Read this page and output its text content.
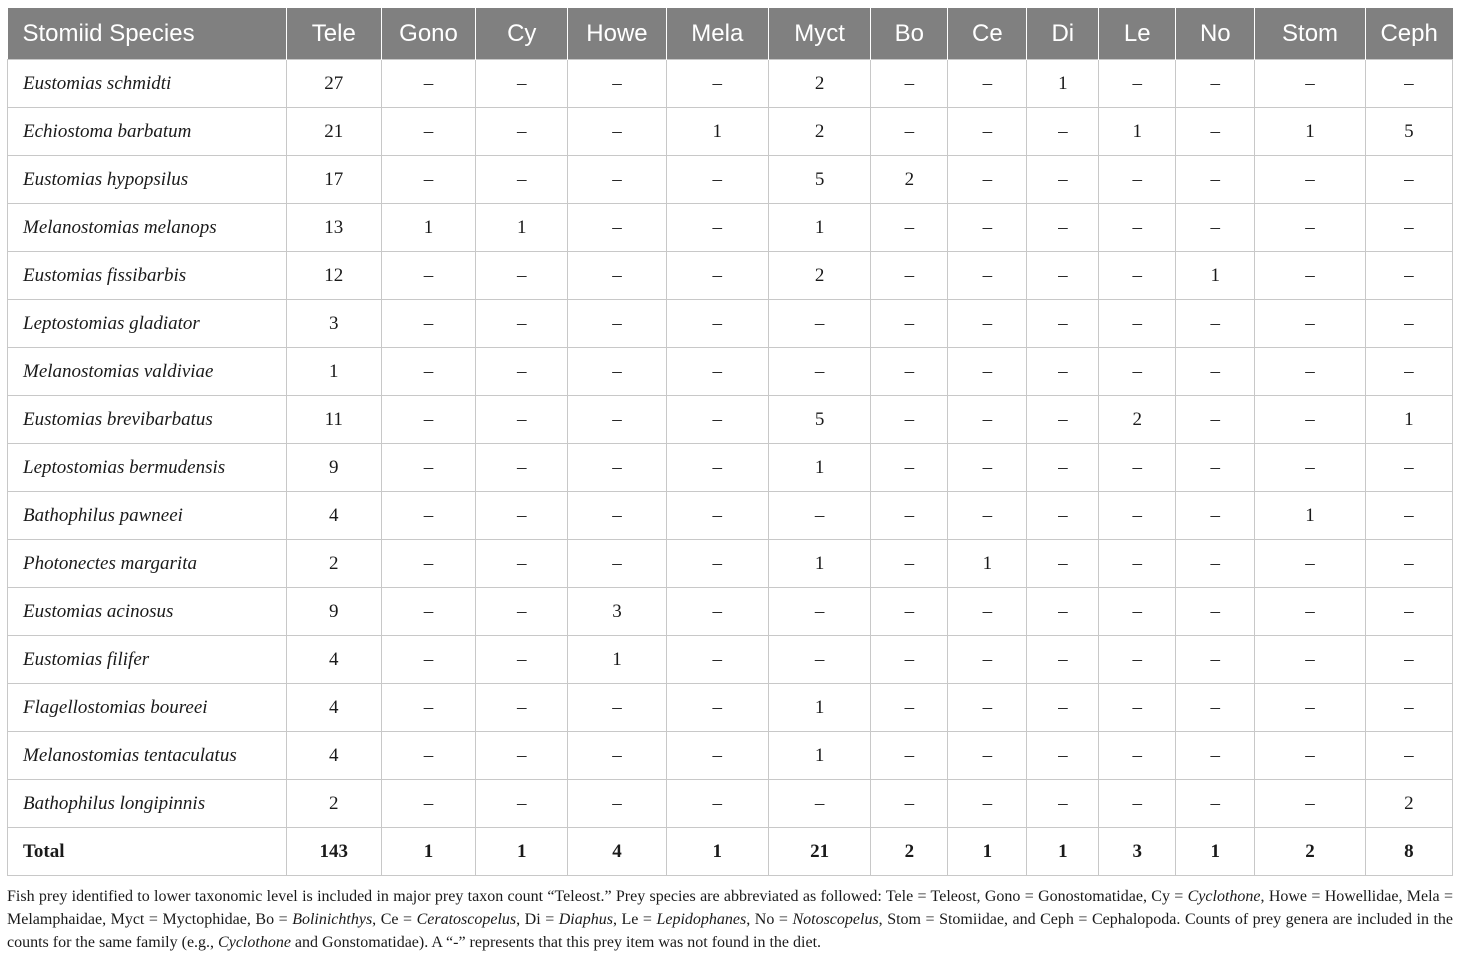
Stomiid Species	Tele	Gono	Cy	Howe	Mela	Myct	Bo	Ce	Di	Le	No	Stom	Ceph
Eustomias schmidti	27	–	–	–	–	2	–	–	1	–	–	–	–
Echiostoma barbatum	21	–	–	–	1	2	–	–	–	1	–	1	5
Eustomias hypopsilus	17	–	–	–	–	5	2	–	–	–	–	–	–
Melanostomias melanops	13	1	1	–	–	1	–	–	–	–	–	–	–
Eustomias fissibarbis	12	–	–	–	–	2	–	–	–	–	1	–	–
Leptostomias gladiator	3	–	–	–	–	–	–	–	–	–	–	–	–
Melanostomias valdiviae	1	–	–	–	–	–	–	–	–	–	–	–	–
Eustomias brevibarbatus	11	–	–	–	–	5	–	–	–	2	–	–	1
Leptostomias bermudensis	9	–	–	–	–	1	–	–	–	–	–	–	–
Bathophilus pawneei	4	–	–	–	–	–	–	–	–	–	–	1	–
Photonectes margarita	2	–	–	–	–	1	–	1	–	–	–	–	–
Eustomias acinosus	9	–	–	3	–	–	–	–	–	–	–	–	–
Eustomias filifer	4	–	–	1	–	–	–	–	–	–	–	–	–
Flagellostomias boureei	4	–	–	–	–	1	–	–	–	–	–	–	–
Melanostomias tentaculatus	4	–	–	–	–	1	–	–	–	–	–	–	–
Bathophilus longipinnis	2	–	–	–	–	–	–	–	–	–	–	–	2
Total	143	1	1	4	1	21	2	1	1	3	1	2	8
Fish prey identified to lower taxonomic level is included in major prey taxon count “Teleost.” Prey species are abbreviated as followed: Tele = Teleost, Gono = Gonostomatidae, Cy = Cyclothone, Howe = Howellidae, Mela = Melamphaidae, Myct = Myctophidae, Bo = Bolinichthys, Ce = Ceratoscopelus, Di = Diaphus, Le = Lepidophanes, No = Notoscopelus, Stom = Stomiidae, and Ceph = Cephalopoda. Counts of prey genera are included in the counts for the same family (e.g., Cyclothone and Gonstomatidae). A “-” represents that this prey item was not found in the diet.
